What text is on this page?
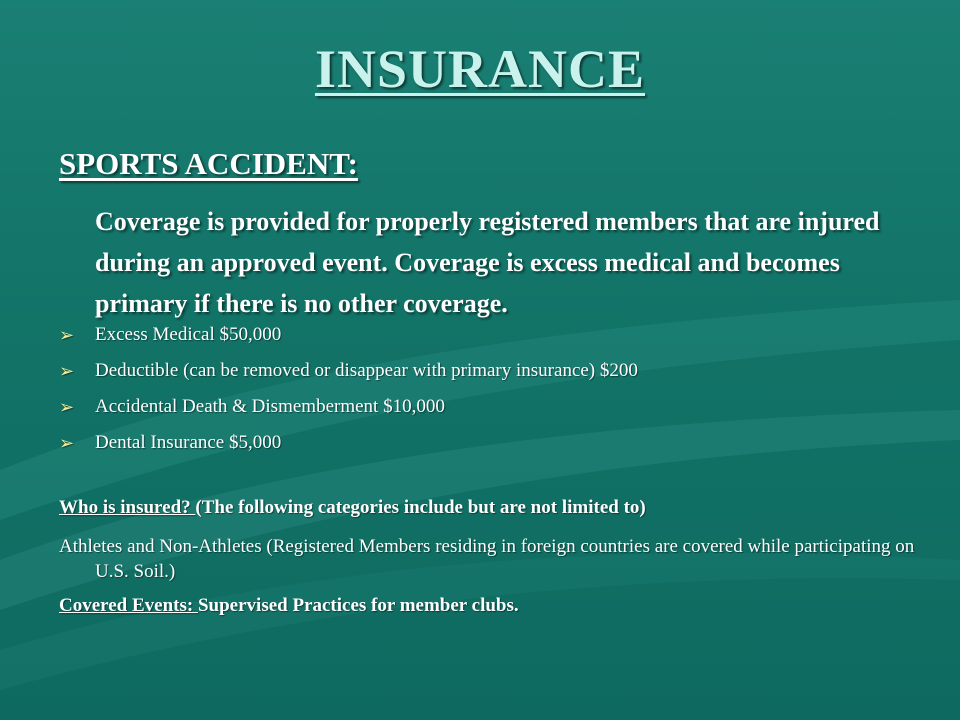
INSURANCE
SPORTS ACCIDENT:
Coverage is provided for properly registered members that are injured during an approved event. Coverage is excess medical and becomes primary if there is no other coverage.
➢	Excess Medical $50,000
➢	Deductible (can be removed or disappear with primary insurance) $200
➢	Accidental Death & Dismemberment $10,000
➢	Dental Insurance $5,000
Who is insured? (The following categories include but are not limited to)
Athletes and Non-Athletes (Registered Members residing in foreign countries are covered while participating on U.S. Soil.)
Covered Events: Supervised Practices for member clubs.
